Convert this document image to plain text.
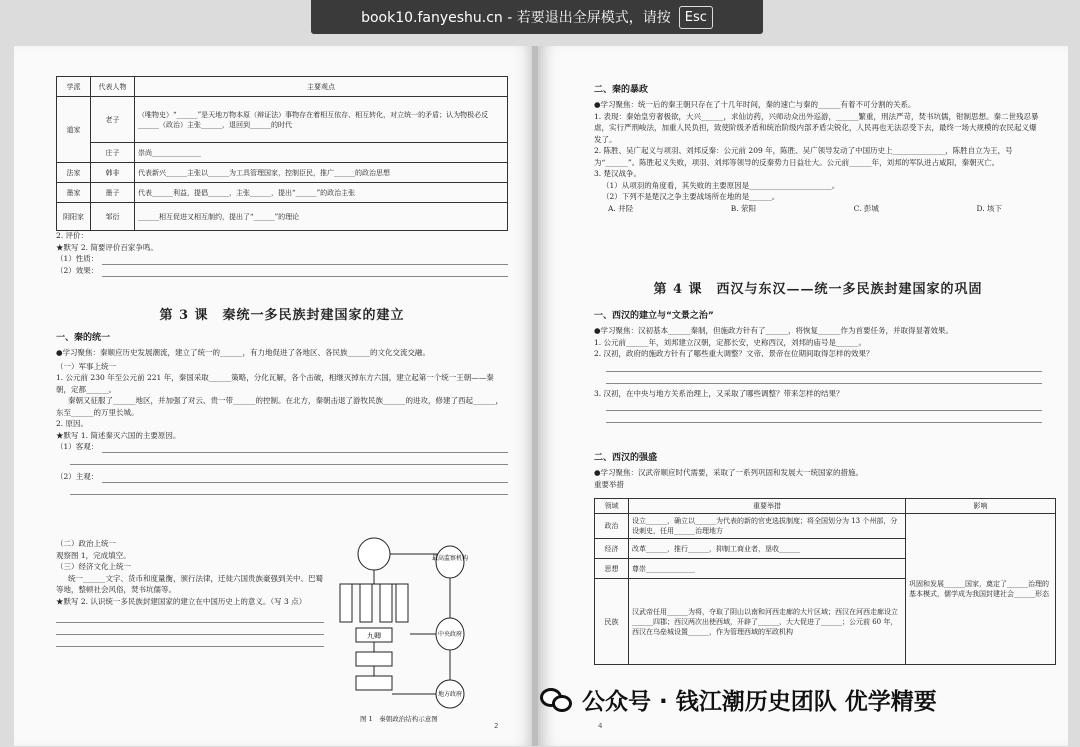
book10.fanyeshu.cn - 若要退出全屏模式，请按	Esc
学派	代表人物	主要观点
道家	老子	（唯物史）“______”是天地万物本原（辩证法）事物存在着相互依存、相互转化，对立统一的矛盾；认为物极必反 ______（政治）主张______，退回到______的时代
	庄子	崇尚______________
法家	韩非	代表新兴______主张以______为工具管理国家，控制臣民，推广______的政治思想
墨家	墨子	代表______利益，提倡______，主张______，提出“______”的政治主张
阴阳家	邹衍	______相互促进又相互制约，提出了“______”的理论
2. 评价：
★默写 2. 简要评价百家争鸣。
（1）性质：
（2）效果：
第 3 课　秦统一多民族封建国家的建立
一、秦的统一
●学习聚焦：秦顺应历史发展潮流，建立了统一的______，有力地促进了各地区、各民族______的文化交流交融。
（一）军事上统一
1. 公元前 230 年至公元前 221 年，秦国采取______策略，分化瓦解，各个击破，相继灭掉东方六国，建立起第一个统一王朝——秦朝，定都______。
秦朝又征服了______地区，并加强了对云、贵一带______的控制。在北方，秦朝击退了游牧民族______的进攻，修建了西起______，东至______的万里长城。
2. 原因。
★默写 1. 简述秦灭六国的主要原因。
（1）客观：
（2）主观：
（二）政治上统一
观察图 1，完成填空。
（三）经济文化上统一
统一______文字、货币和度量衡，颁行法律，迁徙六国贵族豪强到关中、巴蜀等地，整顿社会风俗，焚书坑儒等。
★默写 2. 认识统一多民族封建国家的建立在中国历史上的意义。（写 3 点）
九卿
最高监察机构
中央政府
地方政府
图 1　秦朝政治结构示意图
2
二、秦的暴政
●学习聚焦：统一后的秦王朝只存在了十几年时间，秦的速亡与秦的______有着不可分割的关系。
1. 表现：秦始皇穷奢极欲，大兴______，求仙访药，兴师动众出外巡游，______繁重，刑法严苛，焚书坑儒，钳制思想。秦二世残忍暴虐，实行严刑峻法，加重人民负担，致使阶级矛盾和统治阶级内部矛盾尖锐化，人民再也无法忍受下去，最终一场大规模的农民起义爆发了。
2. 陈胜、吴广起义与项羽、刘邦反秦：公元前 209 年，陈胜、吴广领导发动了中国历史上______________，陈胜自立为王，号为“______”。陈胜起义失败，项羽、刘邦等领导的反秦势力日益壮大。公元前______年，刘邦的军队进占咸阳，秦朝灭亡。
3. 楚汉战争。
（1）从项羽的角度看，其失败的主要原因是______________________。
（2）下列不是楚汉之争主要战场所在地的是______。
A. 井陉	B. 荥阳	C. 彭城	D. 垓下
第 4 课　西汉与东汉——统一多民族封建国家的巩固
一、西汉的建立与“文景之治”
●学习聚焦：汉初基本______秦制，但施政方针有了______，将恢复______作为首要任务，并取得显著效果。
1. 公元前______年，刘邦建立汉朝，定都长安，史称西汉，刘邦的庙号是______。
2. 汉初，政府的施政方针有了哪些重大调整？文帝、景帝在位期间取得怎样的效果？
3. 汉初，在中央与地方关系治理上，又采取了哪些调整？带来怎样的结果？
二、西汉的强盛
●学习聚焦：汉武帝顺应时代需要，采取了一系列巩固和发展大一统国家的措施。
重要举措
领域	重要举措	影响
政治	设立______，确立以______为代表的新的官吏选拔制度；将全国划分为 13 个州部，分设刺史，任用______治理地方	巩固和发展______国家，奠定了______治理的基本模式，儒学成为我国封建社会______形态
经济	改革______，推行______，抑制工商业者，垦收______	
思想	尊崇______________	
民族	汉武帝任用______为将，夺取了阴山以南和河西走廊的大片区域；西汉在河西走廊设立______四郡；西汉两次出使西域，开辟了______，大大促进了______；公元前 60 年，西汉在乌垒城设置______，作为管理西域的军政机构	
4
公众号 · 钱江潮历史团队 优学精要
